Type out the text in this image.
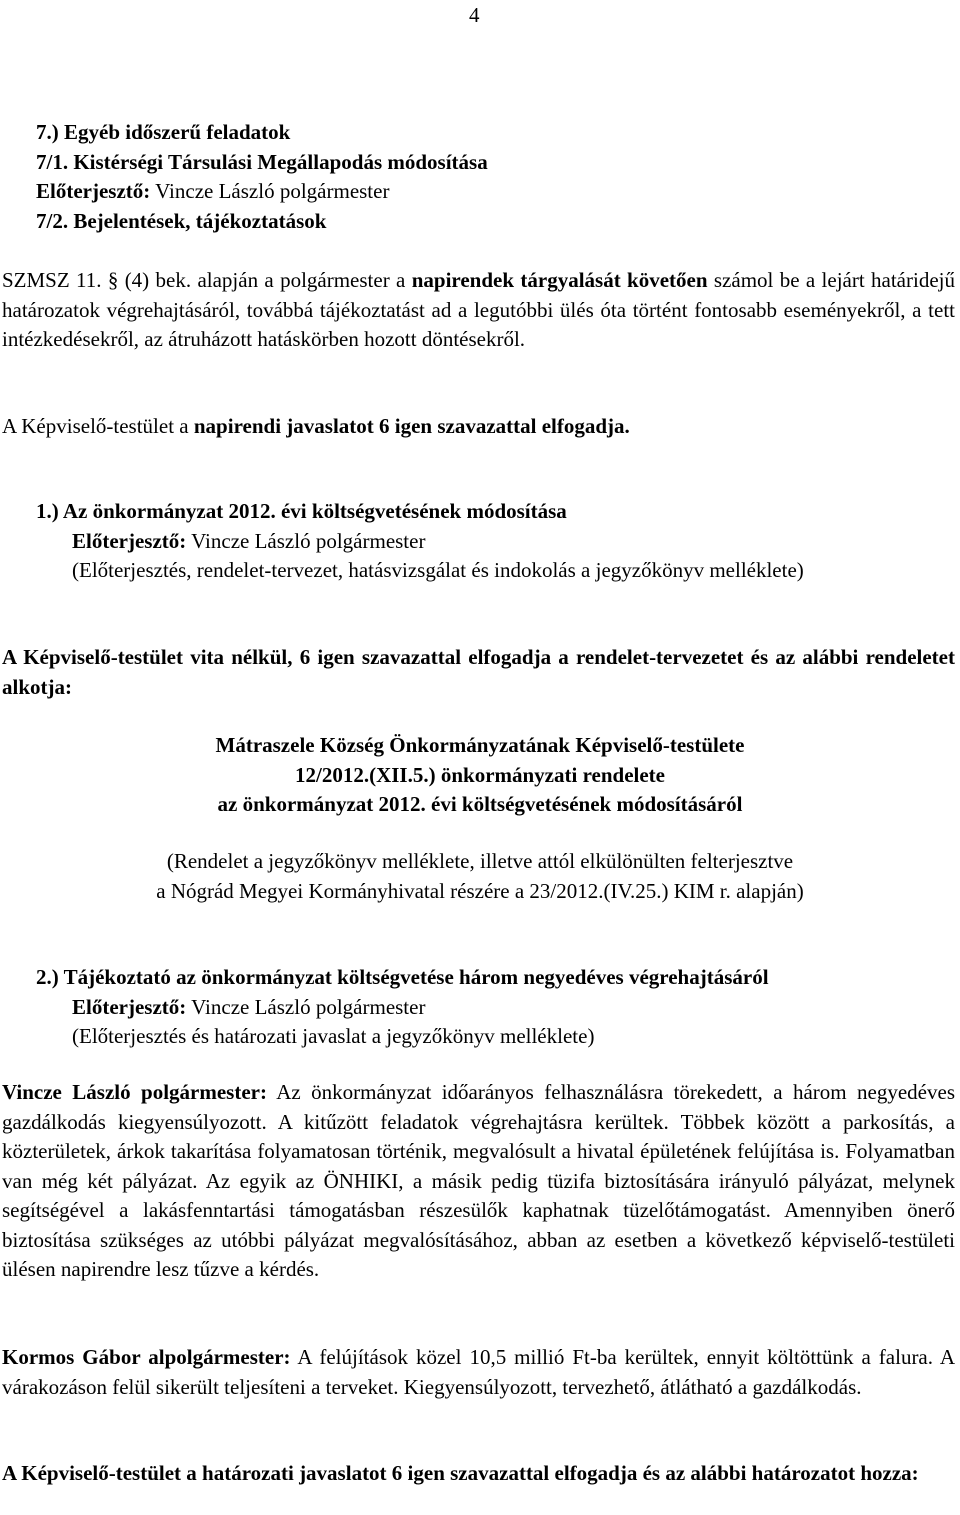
4
7.) Egyéb időszerű feladatok
7/1. Kistérségi Társulási Megállapodás módosítása
Előterjesztő: Vincze László polgármester
7/2. Bejelentések, tájékoztatások

SZMSZ 11. § (4) bek. alapján a polgármester a napirendek tárgyalását követően számol be a lejárt határidejű határozatok végrehajtásáról, továbbá tájékoztatást ad a legutóbbi ülés óta történt fontosabb eseményekről, a tett intézkedésekről, az átruházott hatáskörben hozott döntésekről.

A Képviselő-testület a napirendi javaslatot 6 igen szavazattal elfogadja.

1.) Az önkormányzat 2012. évi költségvetésének módosítása
Előterjesztő: Vincze László polgármester
(Előterjesztés, rendelet-tervezet, hatásvizsgálat és indokolás a jegyzőkönyv melléklete)

A Képviselő-testület vita nélkül, 6 igen szavazattal elfogadja a rendelet-tervezetet és az alábbi rendeletet alkotja:

Mátraszele Község Önkormányzatának Képviselő-testülete
12/2012.(XII.5.) önkormányzati rendelete
az önkormányzat 2012. évi költségvetésének módosításáról
(Rendelet a jegyzőkönyv melléklete, illetve attól elkülönülten felterjesztve
a Nógrád Megyei Kormányhivatal részére a 23/2012.(IV.25.) KIM r. alapján)
2.) Tájékoztató az önkormányzat költségvetése három negyedéves végrehajtásáról
Előterjesztő: Vincze László polgármester
(Előterjesztés és határozati javaslat a jegyzőkönyv melléklete)

Vincze László polgármester: Az önkormányzat időarányos felhasználásra törekedett, a három negyedéves gazdálkodás kiegyensúlyozott. A kitűzött feladatok végrehajtásra kerültek. Többek között a parkosítás, a közterületek, árkok takarítása folyamatosan történik, megvalósult a hivatal épületének felújítása is. Folyamatban van még két pályázat. Az egyik az ÖNHIKI, a másik pedig tüzifa biztosítására irányuló pályázat, melynek segítségével a lakásfenntartási támogatásban részesülők kaphatnak tüzelőtámogatást. Amennyiben önerő biztosítása szükséges az utóbbi pályázat megvalósításához, abban az esetben a következő képviselő-testületi ülésen napirendre lesz tűzve a kérdés.

Kormos Gábor alpolgármester: A felújítások közel 10,5 millió Ft-ba kerültek, ennyit költöttünk a falura. A várakozáson felül sikerült teljesíteni a terveket. Kiegyensúlyozott, tervezhető, átlátható a gazdálkodás.

A Képviselő-testület a határozati javaslatot 6 igen szavazattal elfogadja és az alábbi határozatot hozza:
